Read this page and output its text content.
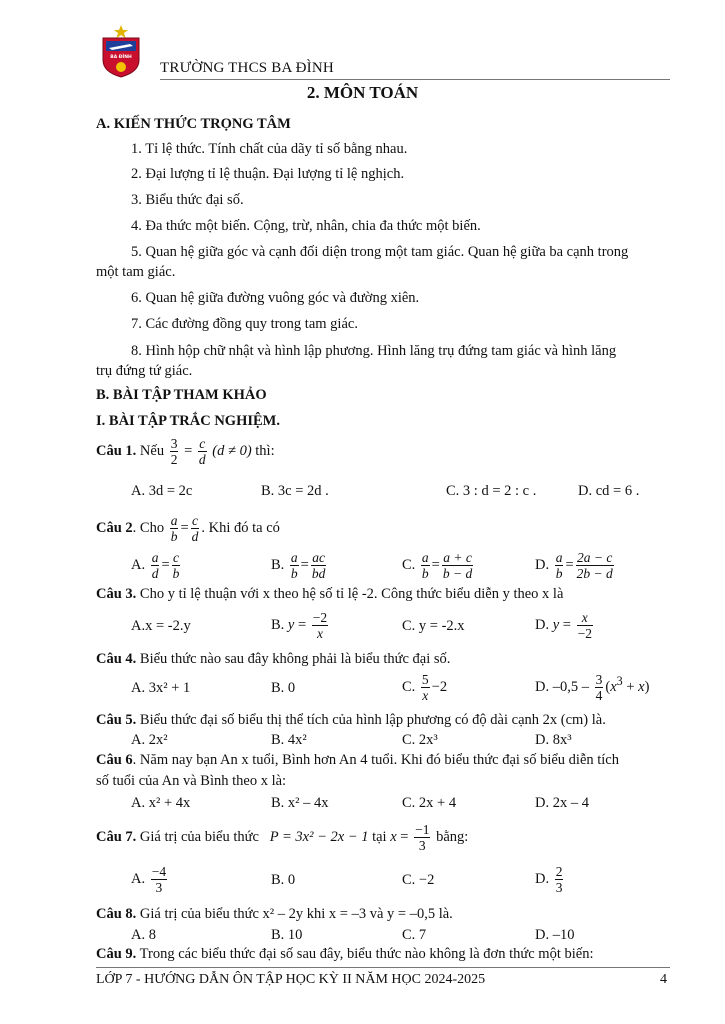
BA ĐÌNH
TRƯỜNG THCS BA ĐÌNH
2. MÔN TOÁN
A. KIẾN THỨC TRỌNG TÂM
1. Tỉ lệ thức. Tính chất của dãy tỉ số bằng nhau.
2. Đại lượng tỉ lệ thuận. Đại lượng tỉ lệ nghịch.
3. Biểu thức đại số.
4. Đa thức một biến. Cộng, trừ, nhân, chia đa thức một biến.
5. Quan hệ giữa góc và cạnh đối diện trong một tam giác. Quan hệ giữa ba cạnh trong
một tam giác.
6. Quan hệ giữa đường vuông góc và đường xiên.
7. Các đường đồng quy trong tam giác.
8. Hình hộp chữ nhật và hình lập phương. Hình lăng trụ đứng tam giác và hình lăng
trụ đứng tứ giác.
B. BÀI TẬP THAM KHẢO
I. BÀI TẬP TRẮC NGHIỆM.
Câu 1. Nếu $\frac{3}{2} = \frac{c}{d} (d \ne 0)$ thì:
A. 3d = 2c	B. 3c = 2d .	C. 3 : d = 2 : c .	D. cd = 6 .
Câu 2. Cho $\frac{a}{b} = \frac{c}{d}$ . Khi đó ta có
A. $\frac{a}{d} = \frac{c}{b}$	B. $\frac{a}{b} = \frac{ac}{bd}$	C. $\frac{a}{b} = \frac{a + c}{b - d}$	D. $\frac{a}{b} = \frac{2a - c}{2b - d}$
Câu 3. Cho y tỉ lệ thuận với x theo hệ số tỉ lệ -2. Công thức biểu diễn y theo x là
A.x = -2.y	B. $y = \frac{-2}{x}$	C. y = -2.x	D. $y = \frac{x}{-2}$
Câu 4. Biểu thức nào sau đây không phải là biểu thức đại số.
A. 3x² + 1	B. 0	C. $\frac{5}{x} -2$	D. $-0,5 - \frac{3}{4} (x^3 + x)$
Câu 5. Biểu thức đại số biểu thị thể tích của hình lập phương có độ dài cạnh 2x (cm) là.
A. 2x²	B. 4x²	C. 2x³	D. 8x³
Câu 6. Năm nay bạn An x tuổi, Bình hơn An 4 tuổi. Khi đó biểu thức đại số biểu diễn tích
số tuổi của An và Bình theo x là:
A. x² + 4x	B. x² – 4x	C. 2x + 4	D. 2x – 4
Câu 7. Giá trị của biểu thức P = 3x² − 2x − 1 tại $x = \frac{-1}{3}$ bằng:
A. $\frac{-4}{3}$	B. 0	C. −2	D. $\frac{2}{3}$
Câu 8. Giá trị của biểu thức x² – 2y khi x = –3 và y = –0,5 là.
A. 8	B. 10	C. 7	D. –10
Câu 9. Trong các biểu thức đại số sau đây, biểu thức nào không là đơn thức một biến:
LỚP 7 - HƯỚNG DẪN ÔN TẬP HỌC KỲ II NĂM HỌC 2024-2025	4
